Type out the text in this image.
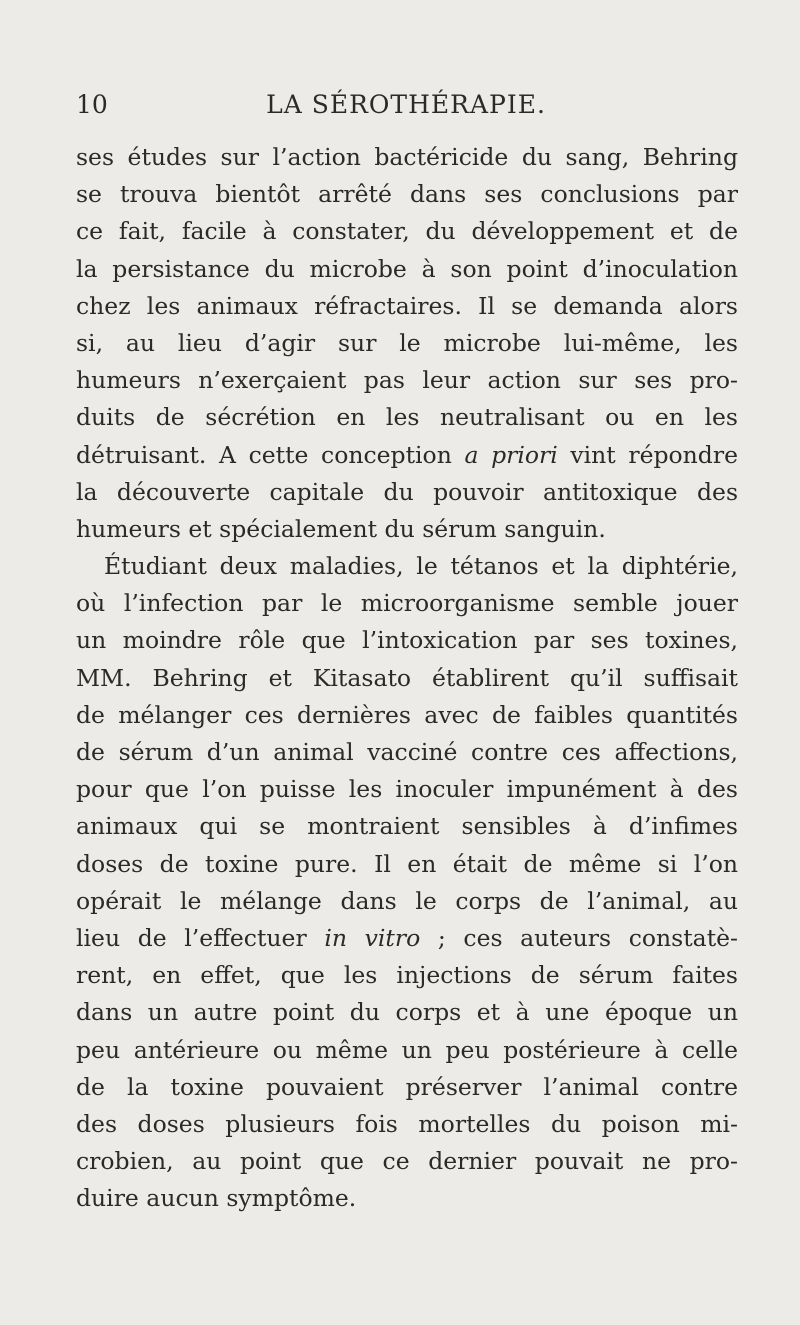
10	LA SÉROTHÉRAPIE.
ses études sur l’action bactéricide du sang, Behring
se trouva bientôt arrêté dans ses conclusions par
ce fait, facile à constater, du développement et de
la persistance du microbe à son point d’inoculation
chez les animaux réfractaires. Il se demanda alors
si, au lieu d’agir sur le microbe lui-même, les
humeurs n’exerçaient pas leur action sur ses pro-
duits de sécrétion en les neutralisant ou en les
détruisant. A cette conception a priori vint répondre
la découverte capitale du pouvoir antitoxique des
humeurs et spécialement du sérum sanguin.
Étudiant deux maladies, le tétanos et la diphtérie,
où l’infection par le microorganisme semble jouer
un moindre rôle que l’intoxication par ses toxines,
MM. Behring et Kitasato établirent qu’il suffisait
de mélanger ces dernières avec de faibles quantités
de sérum d’un animal vacciné contre ces affections,
pour que l’on puisse les inoculer impunément à des
animaux qui se montraient sensibles à d’infimes
doses de toxine pure. Il en était de même si l’on
opérait le mélange dans le corps de l’animal, au
lieu de l’effectuer in vitro ; ces auteurs constatè-
rent, en effet, que les injections de sérum faites
dans un autre point du corps et à une époque un
peu antérieure ou même un peu postérieure à celle
de la toxine pouvaient préserver l’animal contre
des doses plusieurs fois mortelles du poison mi-
crobien, au point que ce dernier pouvait ne pro-
duire aucun symptôme.
